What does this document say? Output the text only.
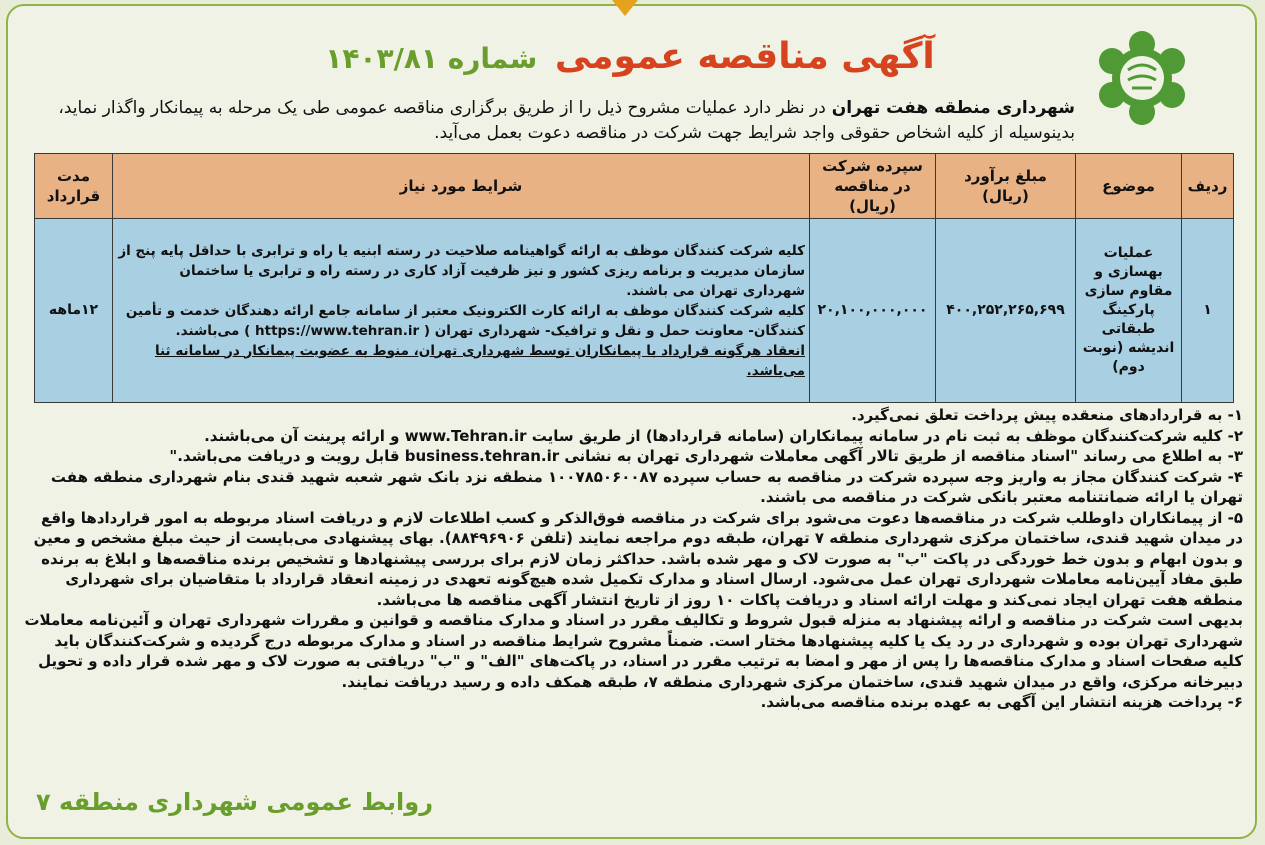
آگهی مناقصه عمومی شماره ۱۴۰۳/۸۱
شهرداری منطقه هفت تهران در نظر دارد عملیات مشروح ذیل را از طریق برگزاری مناقصه عمومی طی یک مرحله به پیمانکار واگذار نماید، بدینوسیله از کلیه اشخاص حقوقی واجد شرایط جهت شرکت در مناقصه دعوت بعمل می‌آید.
ردیف	موضوع	مبلغ برآورد (ریال)	سپرده شرکت در مناقصه (ریال)	شرایط مورد نیاز	مدت قرارداد
۱	عملیات بهسازی و مقاوم سازی پارکینگ طبقاتی اندیشه (نوبت دوم)	۴۰۰,۲۵۲,۲۶۵,۶۹۹	۲۰,۱۰۰,۰۰۰,۰۰۰	کلیه شرکت کنندگان موظف به ارائه گواهینامه صلاحیت در رسته ابنیه یا راه و ترابری با حداقل پایه پنج از سازمان مدیریت و برنامه ریزی کشور و نیز ظرفیت آزاد کاری در رسته راه و ترابری یا ساختمان شهرداری تهران می باشند.
کلیه شرکت کنندگان موظف به ارائه کارت الکترونیک معتبر از سامانه جامع ارائه دهندگان خدمت و تأمین کنندگان- معاونت حمل و نقل و ترافیک- شهرداری تهران ( https://www.tehran.ir ) می‌باشند.
انعقاد هرگونه قرارداد با پیمانکاران توسط شهرداری تهران، منوط به عضویت پیمانکار در سامانه ثنا می‌باشد.	۱۲ماهه

۱- به قراردادهای منعقده پیش پرداخت تعلق نمی‌گیرد.

۲- کلیه شرکت‌کنندگان موظف به ثبت نام در سامانه پیمانکاران (سامانه قراردادها) از طریق سایت www.Tehran.ir و ارائه پرینت آن می‌باشند.

۳- به اطلاع می رساند "اسناد مناقصه از طریق تالار آگهی معاملات شهرداری تهران به نشانی business.tehran.ir قابل رویت و دریافت می‌باشد."

۴- شرکت کنندگان مجاز به واریز وجه سپرده شرکت در مناقصه به حساب سپرده ۱۰۰۷۸۵۰۶۰۰۸۷ منطقه نزد بانک شهر شعبه شهید قندی بنام شهرداری منطقه هفت تهران یا ارائه ضمانتنامه معتبر بانکی شرکت در مناقصه می باشند.

۵- از پیمانکاران داوطلب شرکت در مناقصه‌ها دعوت می‌شود برای شرکت در مناقصه فوق‌الذکر و کسب اطلاعات لازم و دریافت اسناد مربوطه به امور قراردادها واقع در میدان شهید قندی، ساختمان مرکزی شهرداری منطقه ۷ تهران، طبقه دوم مراجعه نمایند (تلفن ۸۸۴۹۶۹۰۶). بهای پیشنهادی می‌بایست از حیث مبلغ مشخص و معین و بدون ابهام و بدون خط خوردگی در پاکت "ب" به صورت لاک و مهر شده باشد. حداکثر زمان لازم برای بررسی پیشنهادها و تشخیص برنده مناقصه‌ها و ابلاغ به برنده طبق مفاد آیین‌نامه معاملات شهرداری تهران عمل می‌شود. ارسال اسناد و مدارک تکمیل شده هیچ‌گونه تعهدی در زمینه انعقاد قرارداد با متقاضیان برای شهرداری منطقه هفت تهران ایجاد نمی‌کند و مهلت ارائه اسناد و دریافت پاکات ۱۰ روز از تاریخ انتشار آگهی مناقصه ها می‌باشد.

بدیهی است شرکت در مناقصه و ارائه پیشنهاد به منزله قبول شروط و تکالیف مقرر در اسناد و مدارک مناقصه و قوانین و مقررات شهرداری تهران و آئین‌نامه معاملات شهرداری تهران بوده و شهرداری در رد یک یا کلیه پیشنهادها مختار است. ضمناً مشروح شرایط مناقصه در اسناد و مدارک مربوطه درج گردیده و شرکت‌کنندگان باید کلیه صفحات اسناد و مدارک مناقصه‌ها را پس از مهر و امضا به ترتیب مقرر در اسناد، در پاکت‌های "الف" و "ب" دریافتی به صورت لاک و مهر شده قرار داده و تحویل دبیرخانه مرکزی، واقع در میدان شهید قندی، ساختمان مرکزی شهرداری منطقه ۷، طبقه همکف داده و رسید دریافت نمایند.

۶- پرداخت هزینه انتشار این آگهی به عهده برنده مناقصه می‌باشد.

روابط عمومی شهرداری منطقه ۷
